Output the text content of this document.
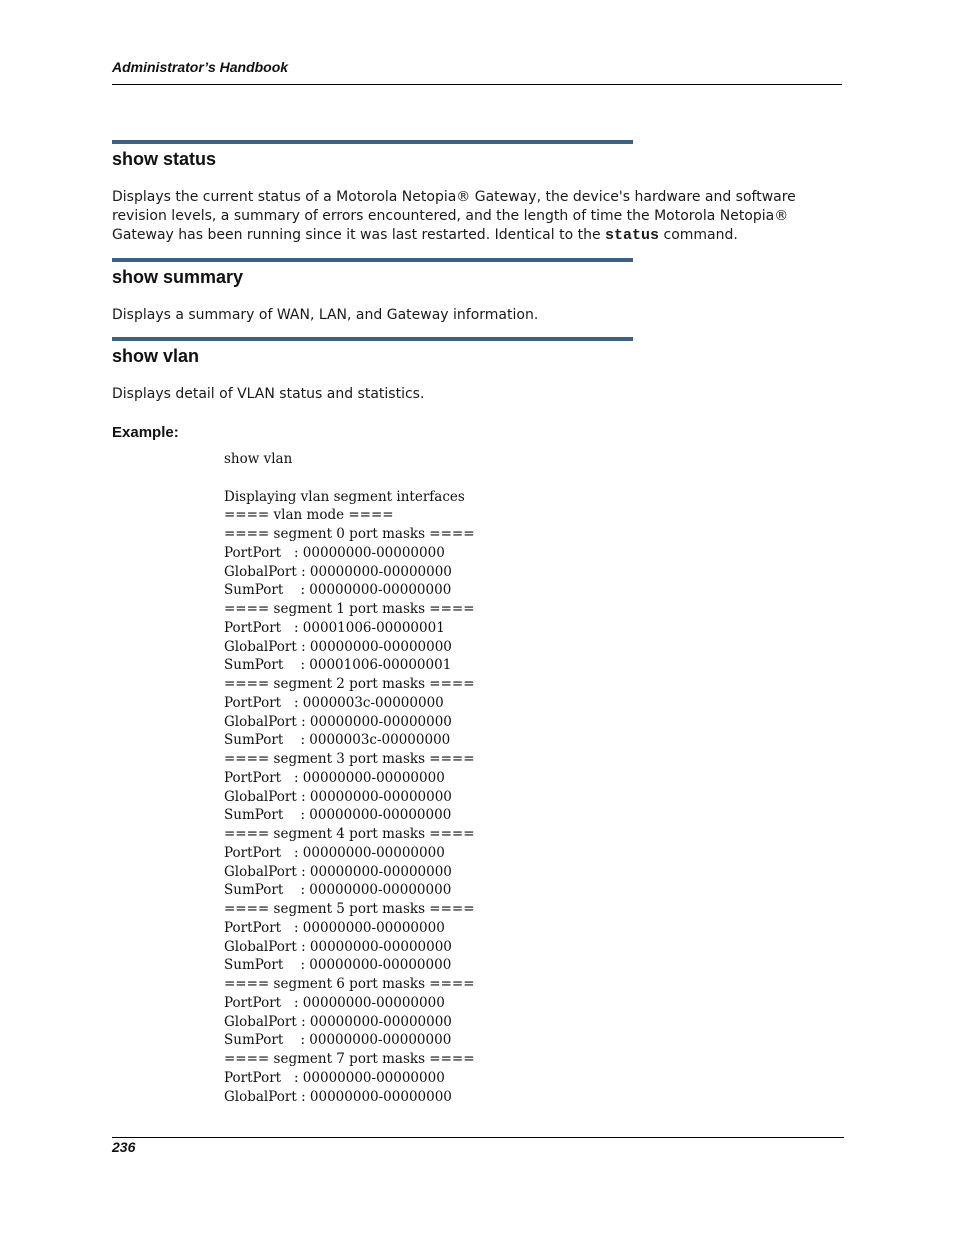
Administrator’s Handbook
show status
Displays the current status of a Motorola Netopia® Gateway, the device's hardware and software revision levels, a summary of errors encountered, and the length of time the Motorola Netopia® Gateway has been running since it was last restarted. Identical to the status command.
show summary
Displays a summary of WAN, LAN, and Gateway information.
show vlan
Displays detail of VLAN status and statistics.
Example:
show vlan
Displaying vlan segment interfaces
==== vlan mode ====
==== segment 0 port masks ====
PortPort   : 00000000-00000000
GlobalPort : 00000000-00000000
SumPort    : 00000000-00000000
==== segment 1 port masks ====
PortPort   : 00001006-00000001
GlobalPort : 00000000-00000000
SumPort    : 00001006-00000001
==== segment 2 port masks ====
PortPort   : 0000003c-00000000
GlobalPort : 00000000-00000000
SumPort    : 0000003c-00000000
==== segment 3 port masks ====
PortPort   : 00000000-00000000
GlobalPort : 00000000-00000000
SumPort    : 00000000-00000000
==== segment 4 port masks ====
PortPort   : 00000000-00000000
GlobalPort : 00000000-00000000
SumPort    : 00000000-00000000
==== segment 5 port masks ====
PortPort   : 00000000-00000000
GlobalPort : 00000000-00000000
SumPort    : 00000000-00000000
==== segment 6 port masks ====
PortPort   : 00000000-00000000
GlobalPort : 00000000-00000000
SumPort    : 00000000-00000000
==== segment 7 port masks ====
PortPort   : 00000000-00000000
GlobalPort : 00000000-00000000
236
